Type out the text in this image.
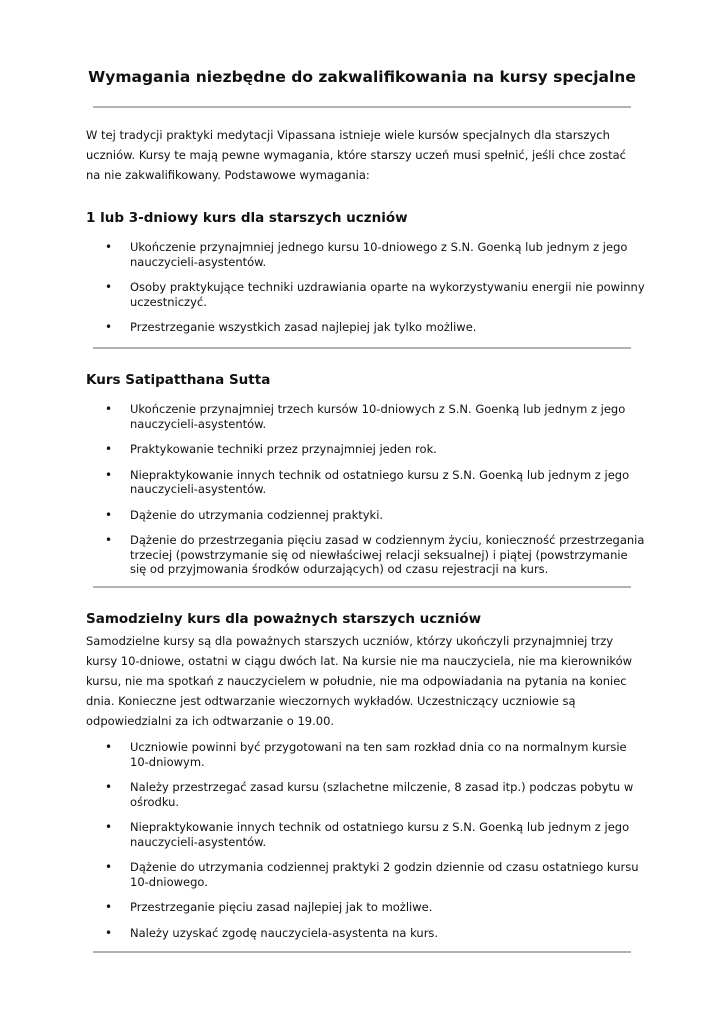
Wymagania niezbędne do zakwalifikowania na kursy specjalne

W tej tradycji praktyki medytacji Vipassana istnieje wiele kursów specjalnych dla starszych uczniów. Kursy te mają pewne wymagania, które starszy uczeń musi spełnić, jeśli chce zostać na nie zakwalifikowany. Podstawowe wymagania:

1 lub 3-dniowy kurs dla starszych uczniów
• Ukończenie przynajmniej jednego kursu 10-dniowego z S.N. Goenką lub jednym z jego nauczycieli-asystentów.
• Osoby praktykujące techniki uzdrawiania oparte na wykorzystywaniu energii nie powinny uczestniczyć.
• Przestrzeganie wszystkich zasad najlepiej jak tylko możliwe.
Kurs Satipatthana Sutta
• Ukończenie przynajmniej trzech kursów 10-dniowych z S.N. Goenką lub jednym z jego nauczycieli-asystentów.
• Praktykowanie techniki przez przynajmniej jeden rok.
• Niepraktykowanie innych technik od ostatniego kursu z S.N. Goenką lub jednym z jego nauczycieli-asystentów.
• Dążenie do utrzymania codziennej praktyki.
• Dążenie do przestrzegania pięciu zasad w codziennym życiu, konieczność przestrzegania trzeciej (powstrzymanie się od niewłaściwej relacji seksualnej) i piątej (powstrzymanie się od przyjmowania środków odurzających) od czasu rejestracji na kurs.
Samodzielny kurs dla poważnych starszych uczniów

Samodzielne kursy są dla poważnych starszych uczniów, którzy ukończyli przynajmniej trzy kursy 10-dniowe, ostatni w ciągu dwóch lat. Na kursie nie ma nauczyciela, nie ma kierowników kursu, nie ma spotkań z nauczycielem w południe, nie ma odpowiadania na pytania na koniec dnia. Konieczne jest odtwarzanie wieczornych wykładów. Uczestniczący uczniowie są odpowiedzialni za ich odtwarzanie o 19.00.

• Uczniowie powinni być przygotowani na ten sam rozkład dnia co na normalnym kursie 10-dniowym.
• Należy przestrzegać zasad kursu (szlachetne milczenie, 8 zasad itp.) podczas pobytu w ośrodku.
• Niepraktykowanie innych technik od ostatniego kursu z S.N. Goenką lub jednym z jego nauczycieli-asystentów.
• Dążenie do utrzymania codziennej praktyki 2 godzin dziennie od czasu ostatniego kursu 10-dniowego.
• Przestrzeganie pięciu zasad najlepiej jak to możliwe.
• Należy uzyskać zgodę nauczyciela-asystenta na kurs.
